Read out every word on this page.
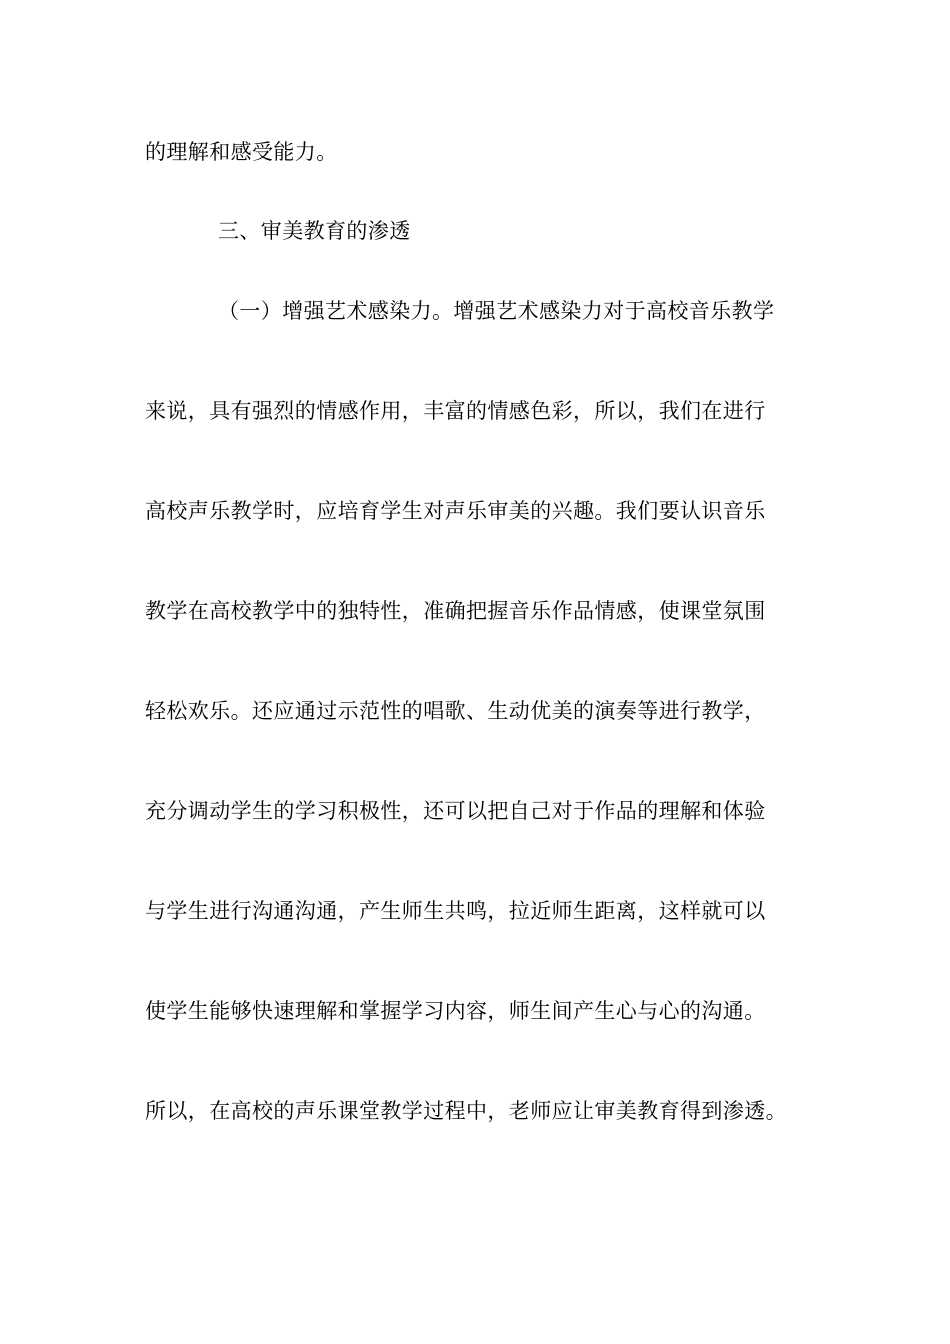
的理解和感受能力。
三、审美教育的渗透
（一）增强艺术感染力。增强艺术感染力对于高校音乐教学
来说，具有强烈的情感作用，丰富的情感色彩，所以，我们在进行
高校声乐教学时，应培育学生对声乐审美的兴趣。我们要认识音乐
教学在高校教学中的独特性，准确把握音乐作品情感，使课堂氛围
轻松欢乐。还应通过示范性的唱歌、生动优美的演奏等进行教学，
充分调动学生的学习积极性，还可以把自己对于作品的理解和体验
与学生进行沟通沟通，产生师生共鸣，拉近师生距离，这样就可以
使学生能够快速理解和掌握学习内容，师生间产生心与心的沟通。
所以，在高校的声乐课堂教学过程中，老师应让审美教育得到渗透。
